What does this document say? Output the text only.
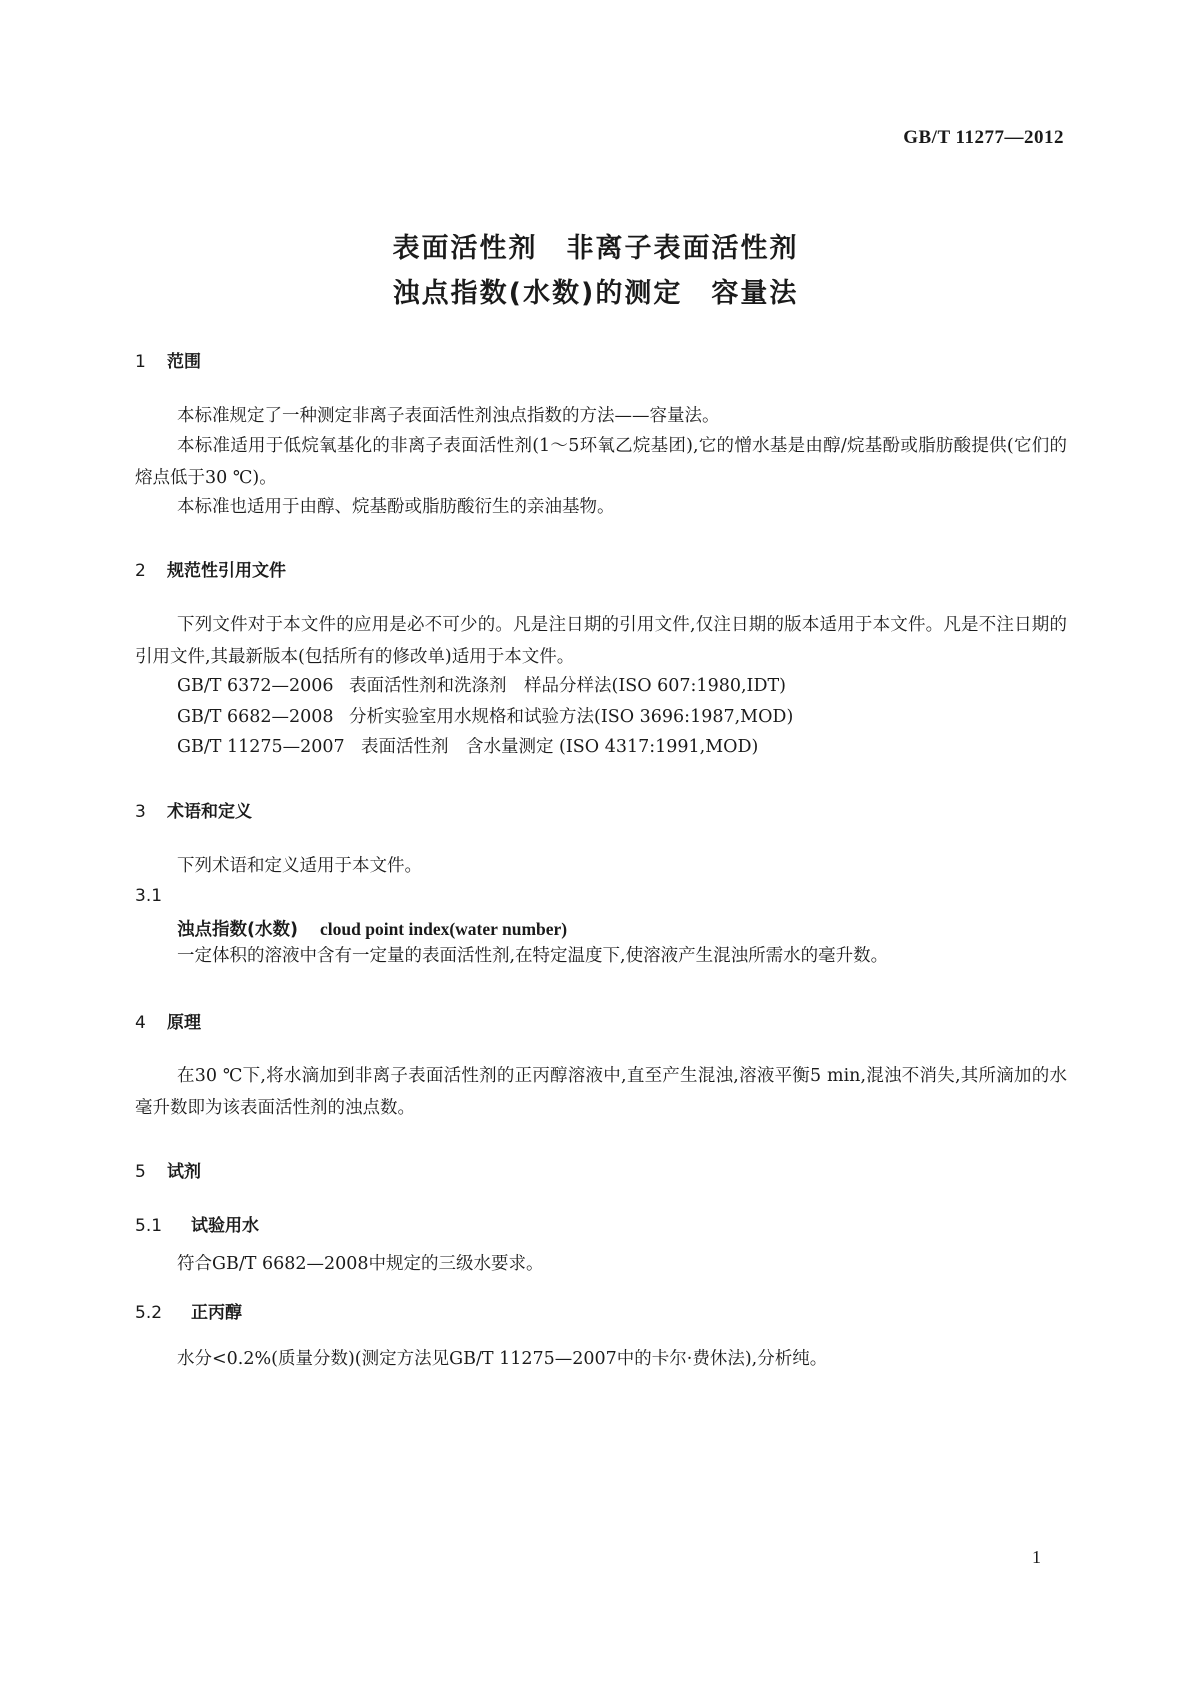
GB/T 11277—2012
表面活性剂　非离子表面活性剂
浊点指数(水数)的测定　容量法
1 范围
本标准规定了一种测定非离子表面活性剂浊点指数的方法——容量法。
本标准适用于低烷氧基化的非离子表面活性剂(1～5环氧乙烷基团),它的憎水基是由醇/烷基酚或脂肪酸提供(它们的熔点低于30 ℃)。
本标准也适用于由醇、烷基酚或脂肪酸衍生的亲油基物。
2 规范性引用文件
下列文件对于本文件的应用是必不可少的。凡是注日期的引用文件,仅注日期的版本适用于本文件。凡是不注日期的引用文件,其最新版本(包括所有的修改单)适用于本文件。
GB/T 6372—2006 表面活性剂和洗涤剂　样品分样法(ISO 607:1980,IDT)
GB/T 6682—2008 分析实验室用水规格和试验方法(ISO 3696:1987,MOD)
GB/T 11275—2007 表面活性剂　含水量测定 (ISO 4317:1991,MOD)
3 术语和定义
下列术语和定义适用于本文件。
3.1
浊点指数(水数) cloud point index(water number)
一定体积的溶液中含有一定量的表面活性剂,在特定温度下,使溶液产生混浊所需水的毫升数。
4 原理
在30 ℃下,将水滴加到非离子表面活性剂的正丙醇溶液中,直至产生混浊,溶液平衡5 min,混浊不消失,其所滴加的水毫升数即为该表面活性剂的浊点数。
5 试剂
5.1 试验用水
符合GB/T 6682—2008中规定的三级水要求。
5.2 正丙醇
水分<0.2%(质量分数)(测定方法见GB/T 11275—2007中的卡尔·费休法),分析纯。
1
